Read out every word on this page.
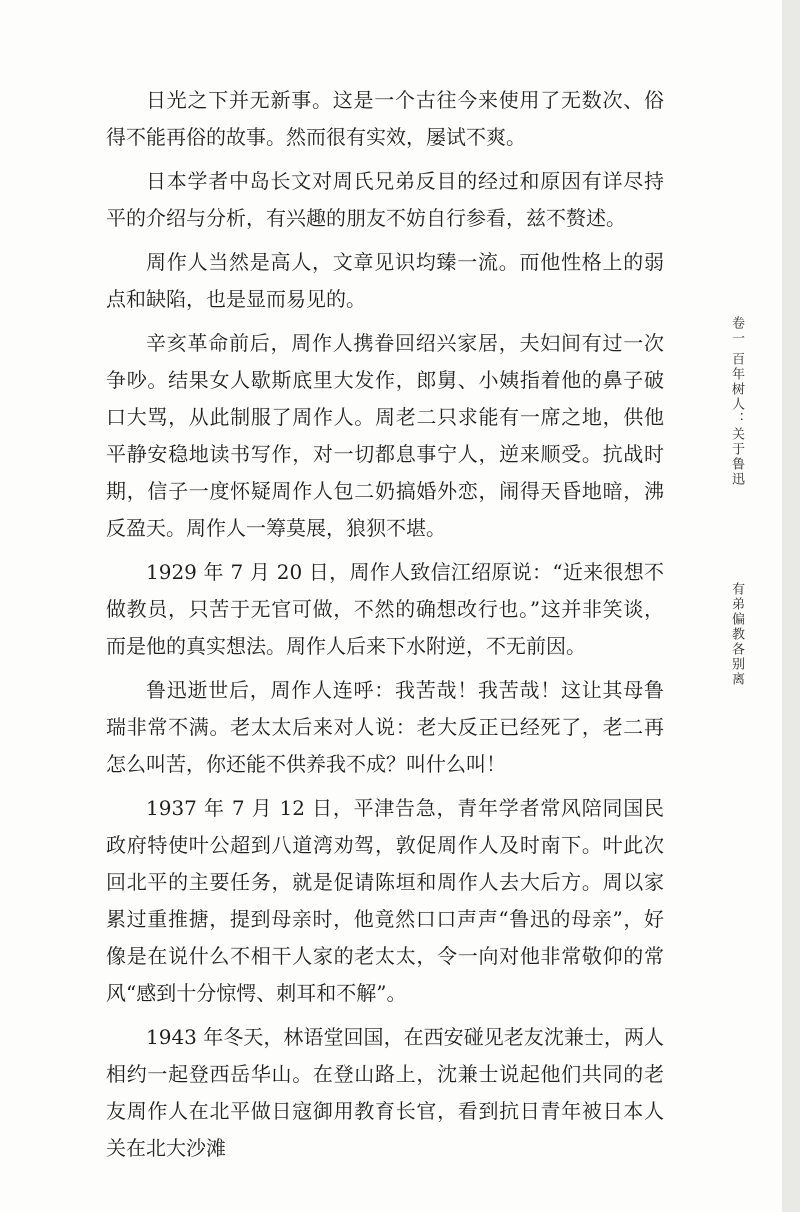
日光之下并无新事。这是一个古往今来使用了无数次、俗得不能再俗的故事。然而很有实效，屡试不爽。

日本学者中岛长文对周氏兄弟反目的经过和原因有详尽持平的介绍与分析，有兴趣的朋友不妨自行参看，兹不赘述。

周作人当然是高人，文章见识均臻一流。而他性格上的弱点和缺陷，也是显而易见的。

辛亥革命前后，周作人携眷回绍兴家居，夫妇间有过一次争吵。结果女人歇斯底里大发作，郎舅、小姨指着他的鼻子破口大骂，从此制服了周作人。周老二只求能有一席之地，供他平静安稳地读书写作，对一切都息事宁人，逆来顺受。抗战时期，信子一度怀疑周作人包二奶搞婚外恋，闹得天昏地暗，沸反盈天。周作人一筹莫展，狼狈不堪。

1929 年 7 月 20 日，周作人致信江绍原说：“近来很想不做教员，只苦于无官可做，不然的确想改行也。”这并非笑谈，而是他的真实想法。周作人后来下水附逆，不无前因。

鲁迅逝世后，周作人连呼：我苦哉！我苦哉！这让其母鲁瑞非常不满。老太太后来对人说：老大反正已经死了，老二再怎么叫苦，你还能不供养我不成？叫什么叫！

1937 年 7 月 12 日，平津告急，青年学者常风陪同国民政府特使叶公超到八道湾劝驾，敦促周作人及时南下。叶此次回北平的主要任务，就是促请陈垣和周作人去大后方。周以家累过重推搪，提到母亲时，他竟然口口声声“鲁迅的母亲”，好像是在说什么不相干人家的老太太，令一向对他非常敬仰的常风“感到十分惊愕、刺耳和不解”。

1943 年冬天，林语堂回国，在西安碰见老友沈兼士，两人相约一起登西岳华山。在登山路上，沈兼士说起他们共同的老友周作人在北平做日寇御用教育长官，看到抗日青年被日本人关在北大沙滩

卷一 百年树人：关于鲁迅
有弟偏教各别离
